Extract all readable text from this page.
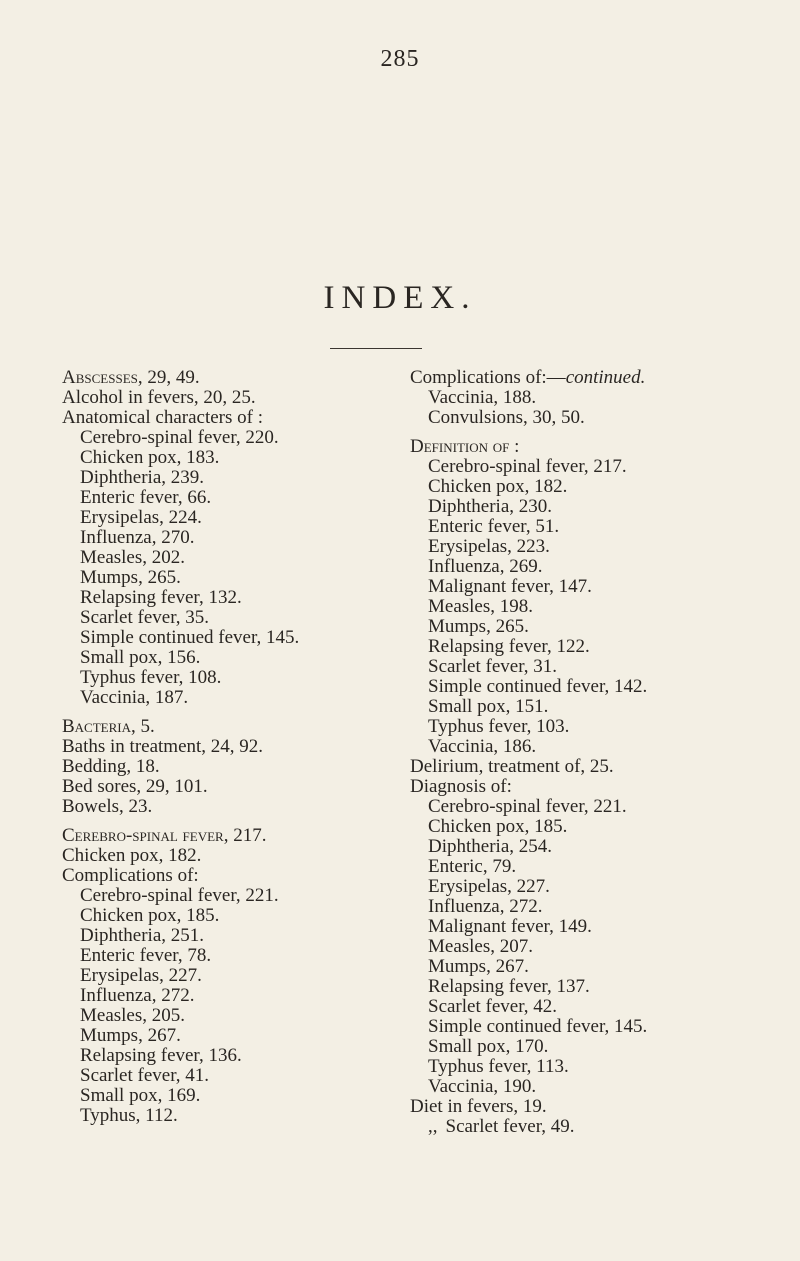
285
INDEX.
Abscesses, 29, 49.
Alcohol in fevers, 20, 25.
Anatomical characters of :
Cerebro-spinal fever, 220.
Chicken pox, 183.
Diphtheria, 239.
Enteric fever, 66.
Erysipelas, 224.
Influenza, 270.
Measles, 202.
Mumps, 265.
Relapsing fever, 132.
Scarlet fever, 35.
Simple continued fever, 145.
Small pox, 156.
Typhus fever, 108.
Vaccinia, 187.
Bacteria, 5.
Baths in treatment, 24, 92.
Bedding, 18.
Bed sores, 29, 101.
Bowels, 23.
Cerebro-spinal fever, 217.
Chicken pox, 182.
Complications of:
Cerebro-spinal fever, 221.
Chicken pox, 185.
Diphtheria, 251.
Enteric fever, 78.
Erysipelas, 227.
Influenza, 272.
Measles, 205.
Mumps, 267.
Relapsing fever, 136.
Scarlet fever, 41.
Small pox, 169.
Typhus, 112.
Complications of:—continued.
Vaccinia, 188.
Convulsions, 30, 50.
Definition of :
Cerebro-spinal fever, 217.
Chicken pox, 182.
Diphtheria, 230.
Enteric fever, 51.
Erysipelas, 223.
Influenza, 269.
Malignant fever, 147.
Measles, 198.
Mumps, 265.
Relapsing fever, 122.
Scarlet fever, 31.
Simple continued fever, 142.
Small pox, 151.
Typhus fever, 103.
Vaccinia, 186.
Delirium, treatment of, 25.
Diagnosis of:
Cerebro-spinal fever, 221.
Chicken pox, 185.
Diphtheria, 254.
Enteric, 79.
Erysipelas, 227.
Influenza, 272.
Malignant fever, 149.
Measles, 207.
Mumps, 267.
Relapsing fever, 137.
Scarlet fever, 42.
Simple continued fever, 145.
Small pox, 170.
Typhus fever, 113.
Vaccinia, 190.
Diet in fevers, 19.
,, Scarlet fever, 49.
